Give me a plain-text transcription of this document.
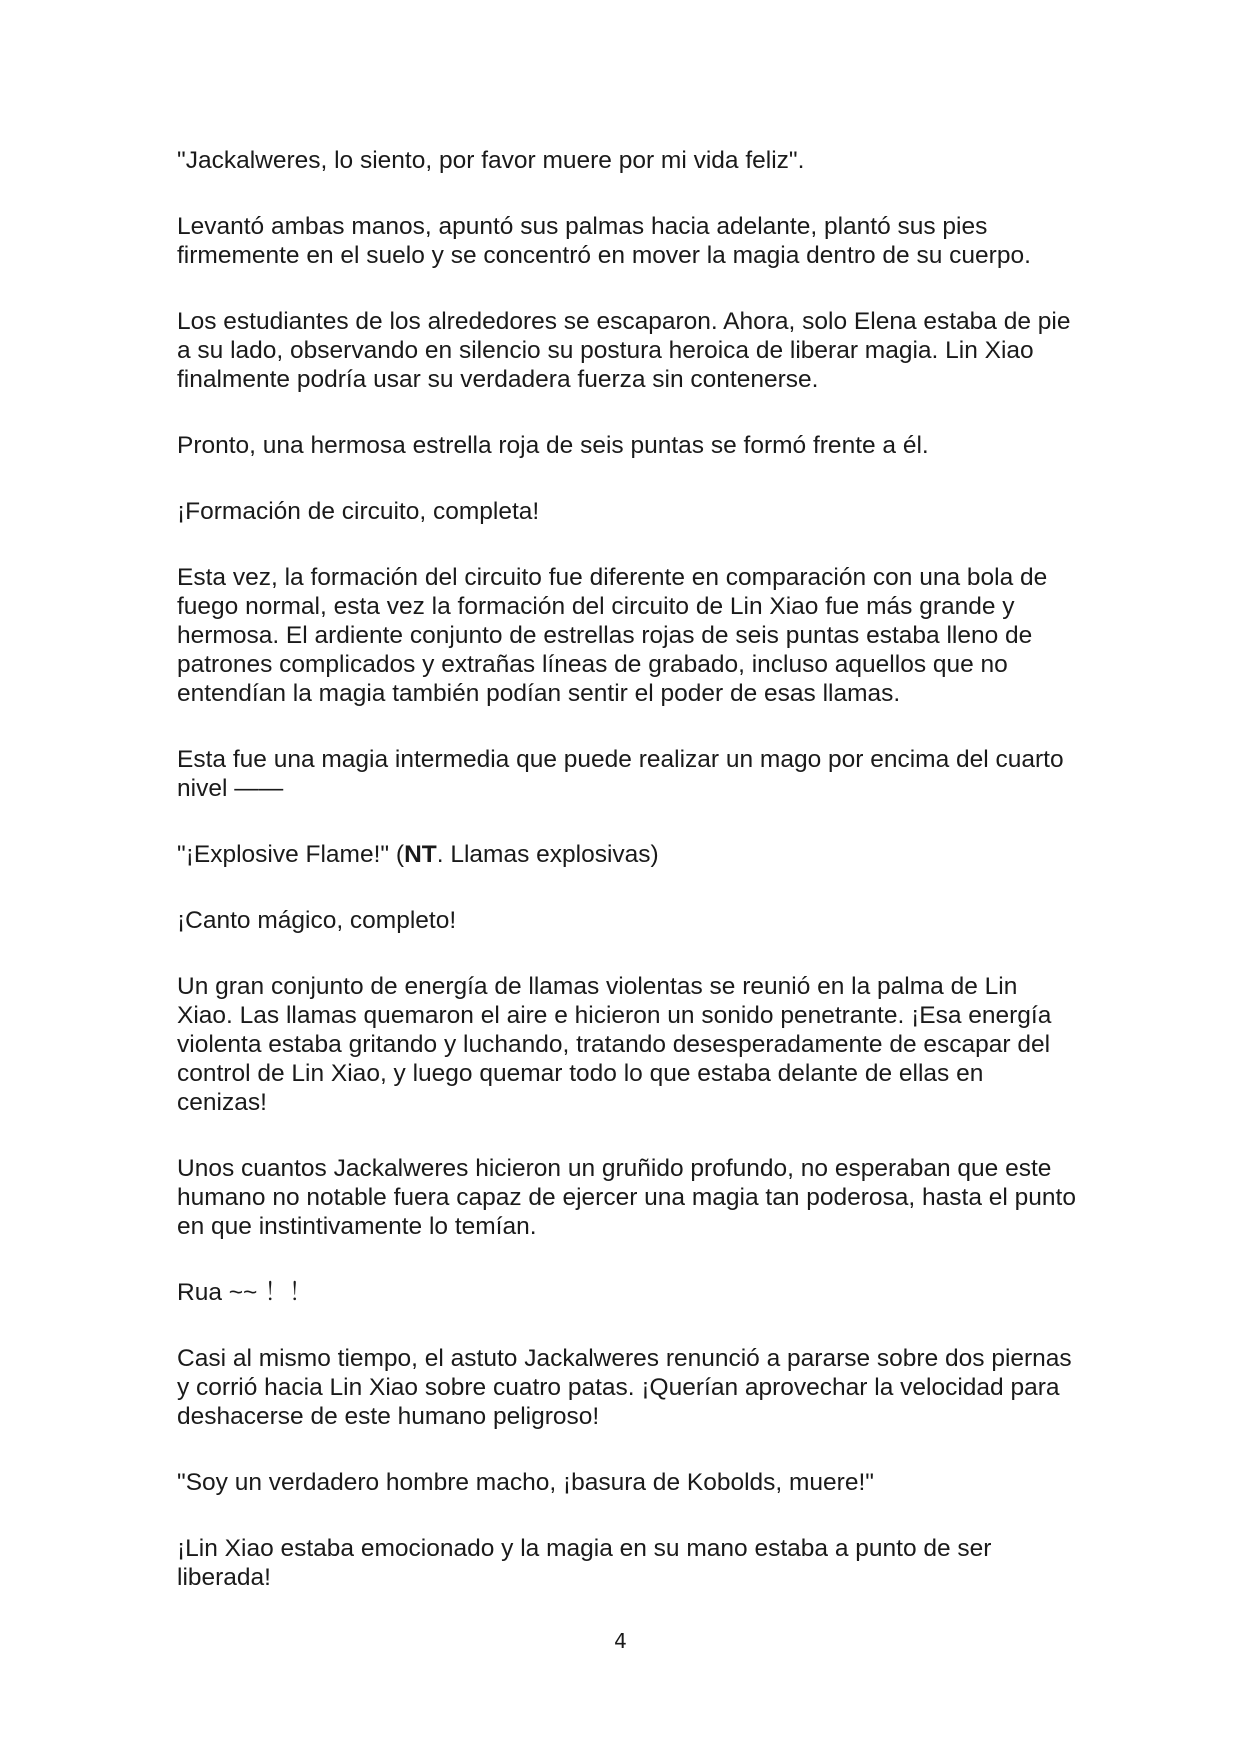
"Jackalweres, lo siento, por favor muere por mi vida feliz".

Levantó ambas manos, apuntó sus palmas hacia adelante, plantó sus pies firmemente en el suelo y se concentró en mover la magia dentro de su cuerpo.

Los estudiantes de los alrededores se escaparon. Ahora, solo Elena estaba de pie a su lado, observando en silencio su postura heroica de liberar magia. Lin Xiao finalmente podría usar su verdadera fuerza sin contenerse.

Pronto, una hermosa estrella roja de seis puntas se formó frente a él.

¡Formación de circuito, completa!

Esta vez, la formación del circuito fue diferente en comparación con una bola de fuego normal, esta vez la formación del circuito de Lin Xiao fue más grande y hermosa. El ardiente conjunto de estrellas rojas de seis puntas estaba lleno de patrones complicados y extrañas líneas de grabado, incluso aquellos que no entendían la magia también podían sentir el poder de esas llamas.

Esta fue una magia intermedia que puede realizar un mago por encima del cuarto nivel ——

"¡Explosive Flame!" (NT. Llamas explosivas)

¡Canto mágico, completo!

Un gran conjunto de energía de llamas violentas se reunió en la palma de Lin Xiao. Las llamas quemaron el aire e hicieron un sonido penetrante. ¡Esa energía violenta estaba gritando y luchando, tratando desesperadamente de escapar del control de Lin Xiao, y luego quemar todo lo que estaba delante de ellas en cenizas!

Unos cuantos Jackalweres hicieron un gruñido profundo, no esperaban que este humano no notable fuera capaz de ejercer una magia tan poderosa, hasta el punto en que instintivamente lo temían.

Rua ~~ ！！

Casi al mismo tiempo, el astuto Jackalweres renunció a pararse sobre dos piernas y corrió hacia Lin Xiao sobre cuatro patas. ¡Querían aprovechar la velocidad para deshacerse de este humano peligroso!

"Soy un verdadero hombre macho, ¡basura de Kobolds, muere!"

¡Lin Xiao estaba emocionado y la magia en su mano estaba a punto de ser liberada!

4
